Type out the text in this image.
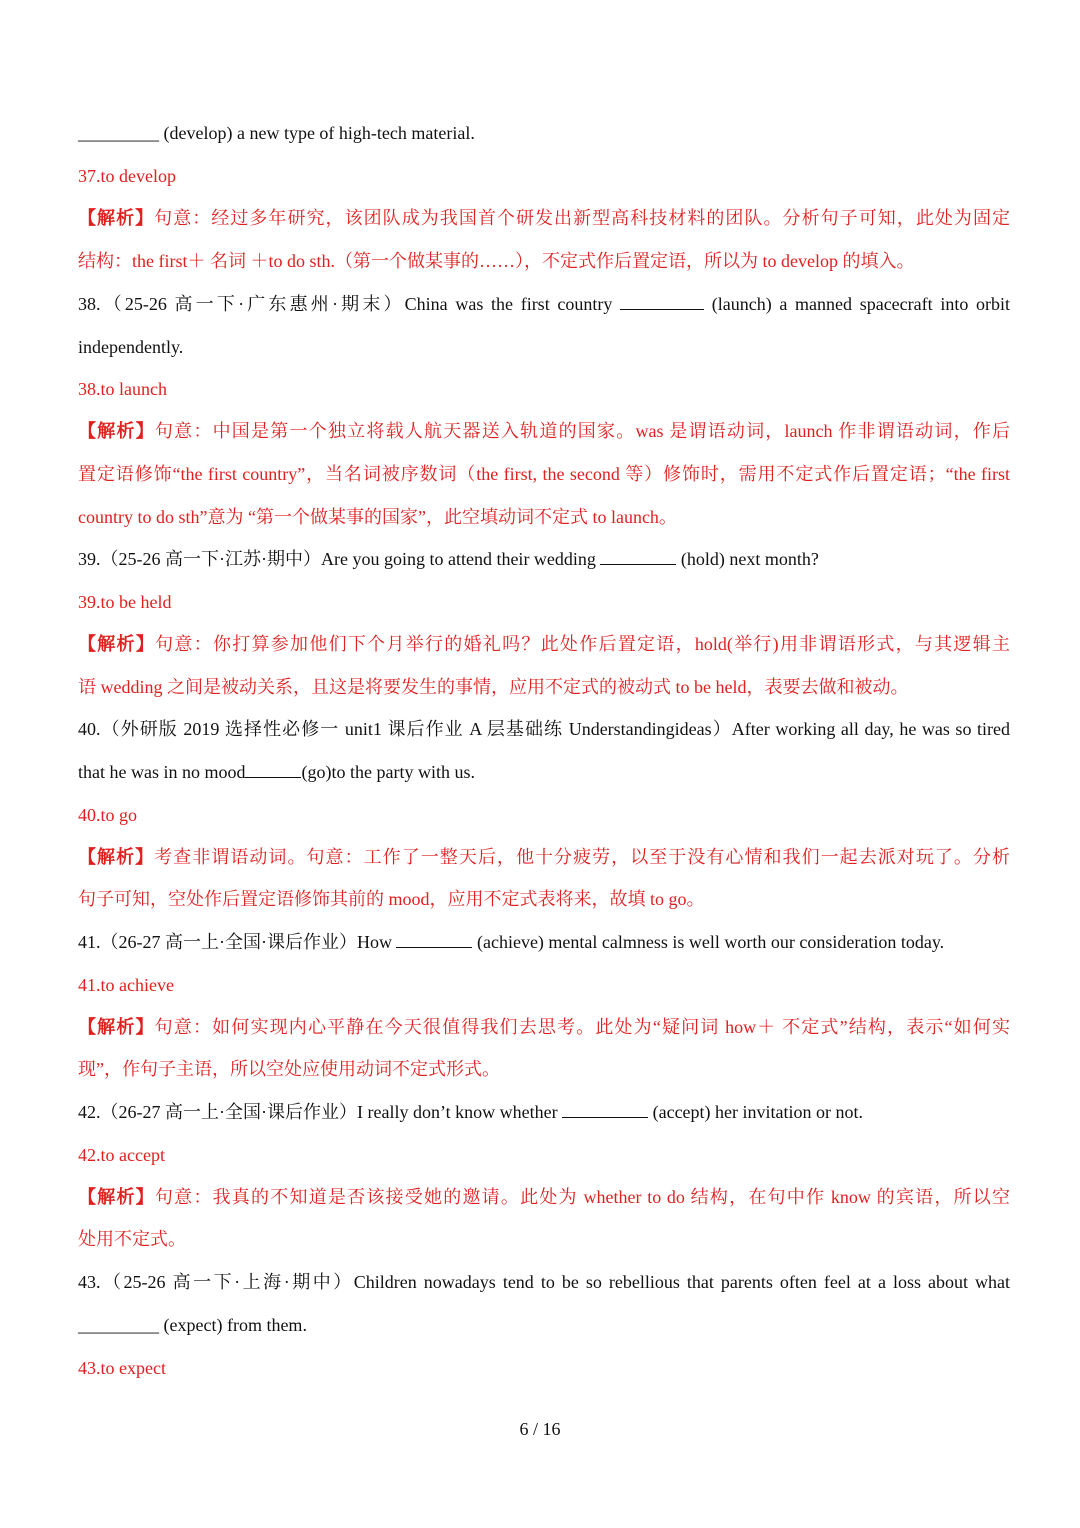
_________ (develop) a new type of high-tech material.
37.to develop
【解析】句意：经过多年研究，该团队成为我国首个研发出新型高科技材料的团队。分析句子可知，此处为固定
结构：the first＋ 名词 ＋to do sth.（第一个做某事的……），不定式作后置定语，所以为 to develop 的填入。
38.（25-26 高一下·广东惠州·期末）China was the first country	(launch) a manned spacecraft into orbit
independently.
38.to launch
【解析】句意：中国是第一个独立将载人航天器送入轨道的国家。was 是谓语动词，launch 作非谓语动词，作后
置定语修饰“the first country”，当名词被序数词（the first, the second 等）修饰时，需用不定式作后置定语；“the first
country to do sth”意为 “第一个做某事的国家”，此空填动词不定式 to launch。
39.（25-26 高一下·江苏·期中）Are you going to attend their wedding	(hold) next month?
39.to be held
【解析】句意：你打算参加他们下个月举行的婚礼吗？此处作后置定语，hold(举行)用非谓语形式，与其逻辑主
语 wedding 之间是被动关系，且这是将要发生的事情，应用不定式的被动式 to be held，表要去做和被动。
40.（外研版 2019 选择性必修一 unit1 课后作业 A 层基础练 Understandingideas）After working all day, he was so tired
that he was in no mood	(go)to the party with us.
40.to go
【解析】考查非谓语动词。句意：工作了一整天后，他十分疲劳，以至于没有心情和我们一起去派对玩了。分析
句子可知，空处作后置定语修饰其前的 mood，应用不定式表将来，故填 to go。
41.（26-27 高一上·全国·课后作业）How	(achieve) mental calmness is well worth our consideration today.
41.to achieve
【解析】句意：如何实现内心平静在今天很值得我们去思考。此处为“疑问词 how＋ 不定式”结构，表示“如何实
现”，作句子主语，所以空处应使用动词不定式形式。
42.（26-27 高一上·全国·课后作业）I really don’t know whether	(accept) her invitation or not.
42.to accept
【解析】句意：我真的不知道是否该接受她的邀请。此处为 whether to do 结构，在句中作 know 的宾语，所以空
处用不定式。
43.（25-26 高一下·上海·期中）Children nowadays tend to be so rebellious that parents often feel at a loss about what
_________ (expect) from them.
43.to expect
6 / 16
